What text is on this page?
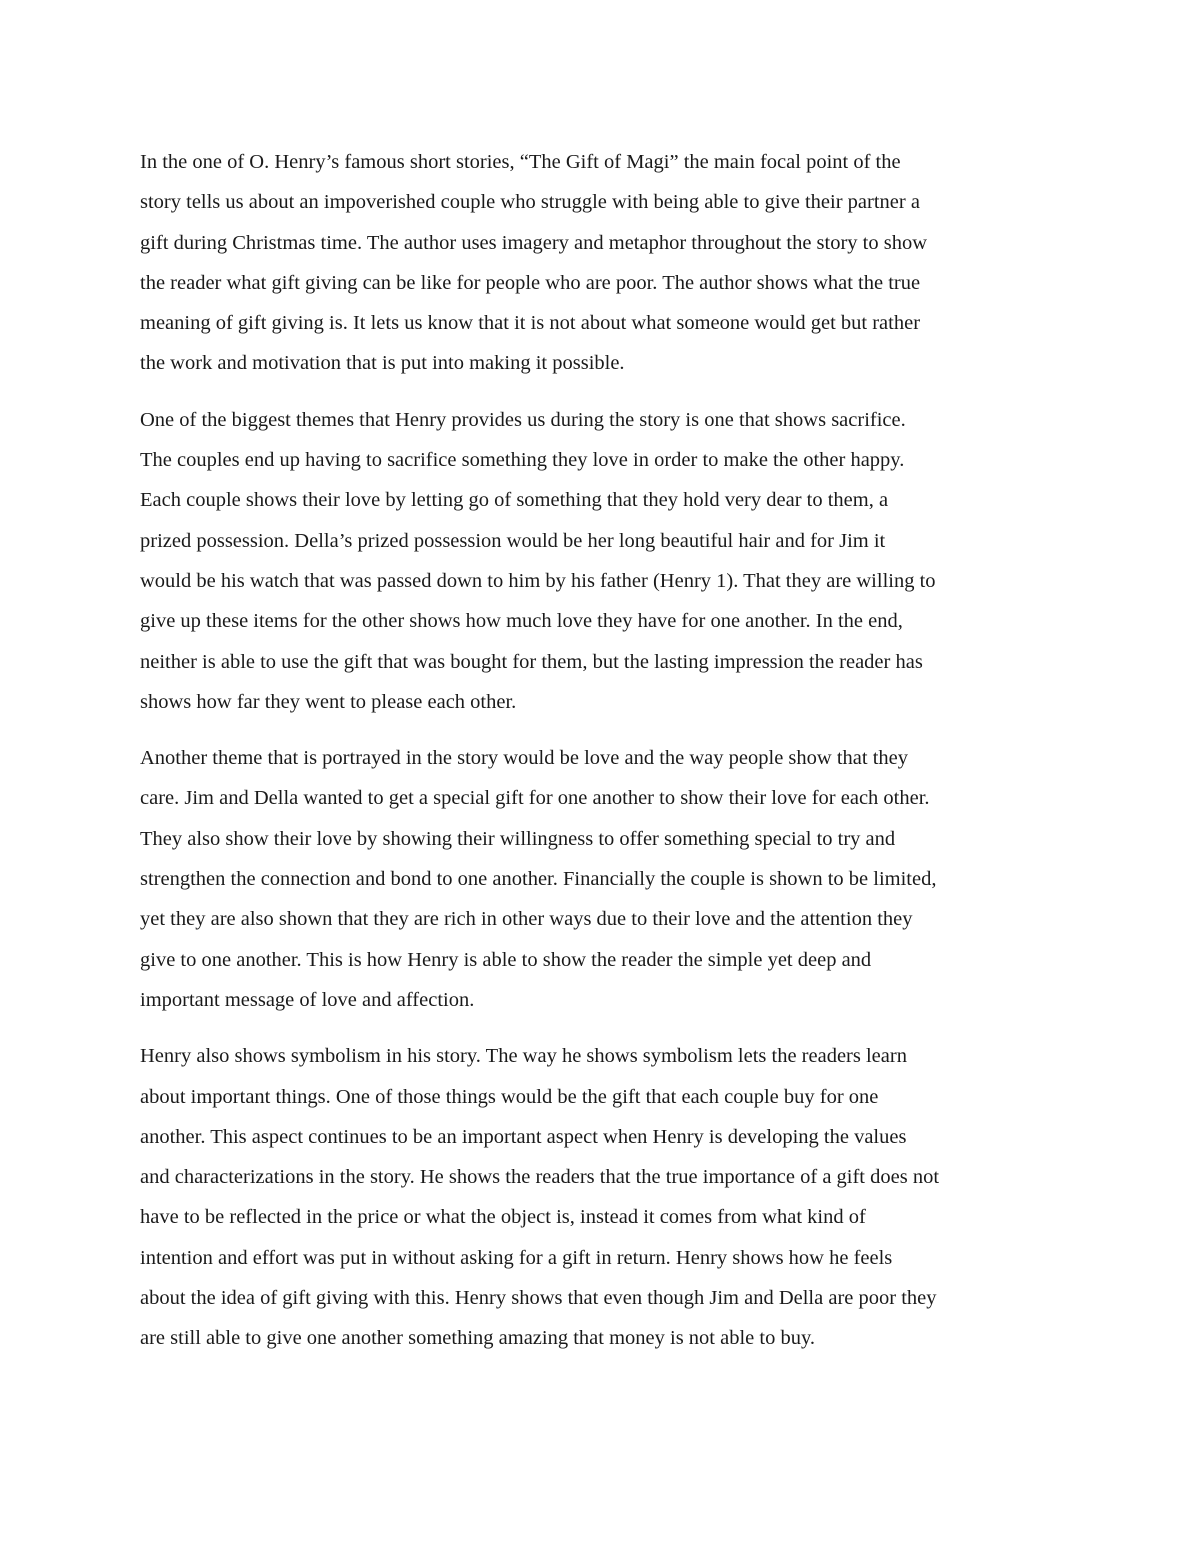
In the one of O. Henry’s famous short stories, “The Gift of Magi” the main focal point of the
story tells us about an impoverished couple who struggle with being able to give their partner a
gift during Christmas time. The author uses imagery and metaphor throughout the story to show
the reader what gift giving can be like for people who are poor. The author shows what the true
meaning of gift giving is. It lets us know that it is not about what someone would get but rather
the work and motivation that is put into making it possible.

One of the biggest themes that Henry provides us during the story is one that shows sacrifice.
The couples end up having to sacrifice something they love in order to make the other happy.
Each couple shows their love by letting go of something that they hold very dear to them, a
prized possession. Della’s prized possession would be her long beautiful hair and for Jim it
would be his watch that was passed down to him by his father (Henry 1). That they are willing to
give up these items for the other shows how much love they have for one another. In the end,
neither is able to use the gift that was bought for them, but the lasting impression the reader has
shows how far they went to please each other.

Another theme that is portrayed in the story would be love and the way people show that they
care. Jim and Della wanted to get a special gift for one another to show their love for each other.
They also show their love by showing their willingness to offer something special to try and
strengthen the connection and bond to one another. Financially the couple is shown to be limited,
yet they are also shown that they are rich in other ways due to their love and the attention they
give to one another. This is how Henry is able to show the reader the simple yet deep and
important message of love and affection.

Henry also shows symbolism in his story. The way he shows symbolism lets the readers learn
about important things. One of those things would be the gift that each couple buy for one
another. This aspect continues to be an important aspect when Henry is developing the values
and characterizations in the story. He shows the readers that the true importance of a gift does not
have to be reflected in the price or what the object is, instead it comes from what kind of
intention and effort was put in without asking for a gift in return. Henry shows how he feels
about the idea of gift giving with this. Henry shows that even though Jim and Della are poor they
are still able to give one another something amazing that money is not able to buy.
